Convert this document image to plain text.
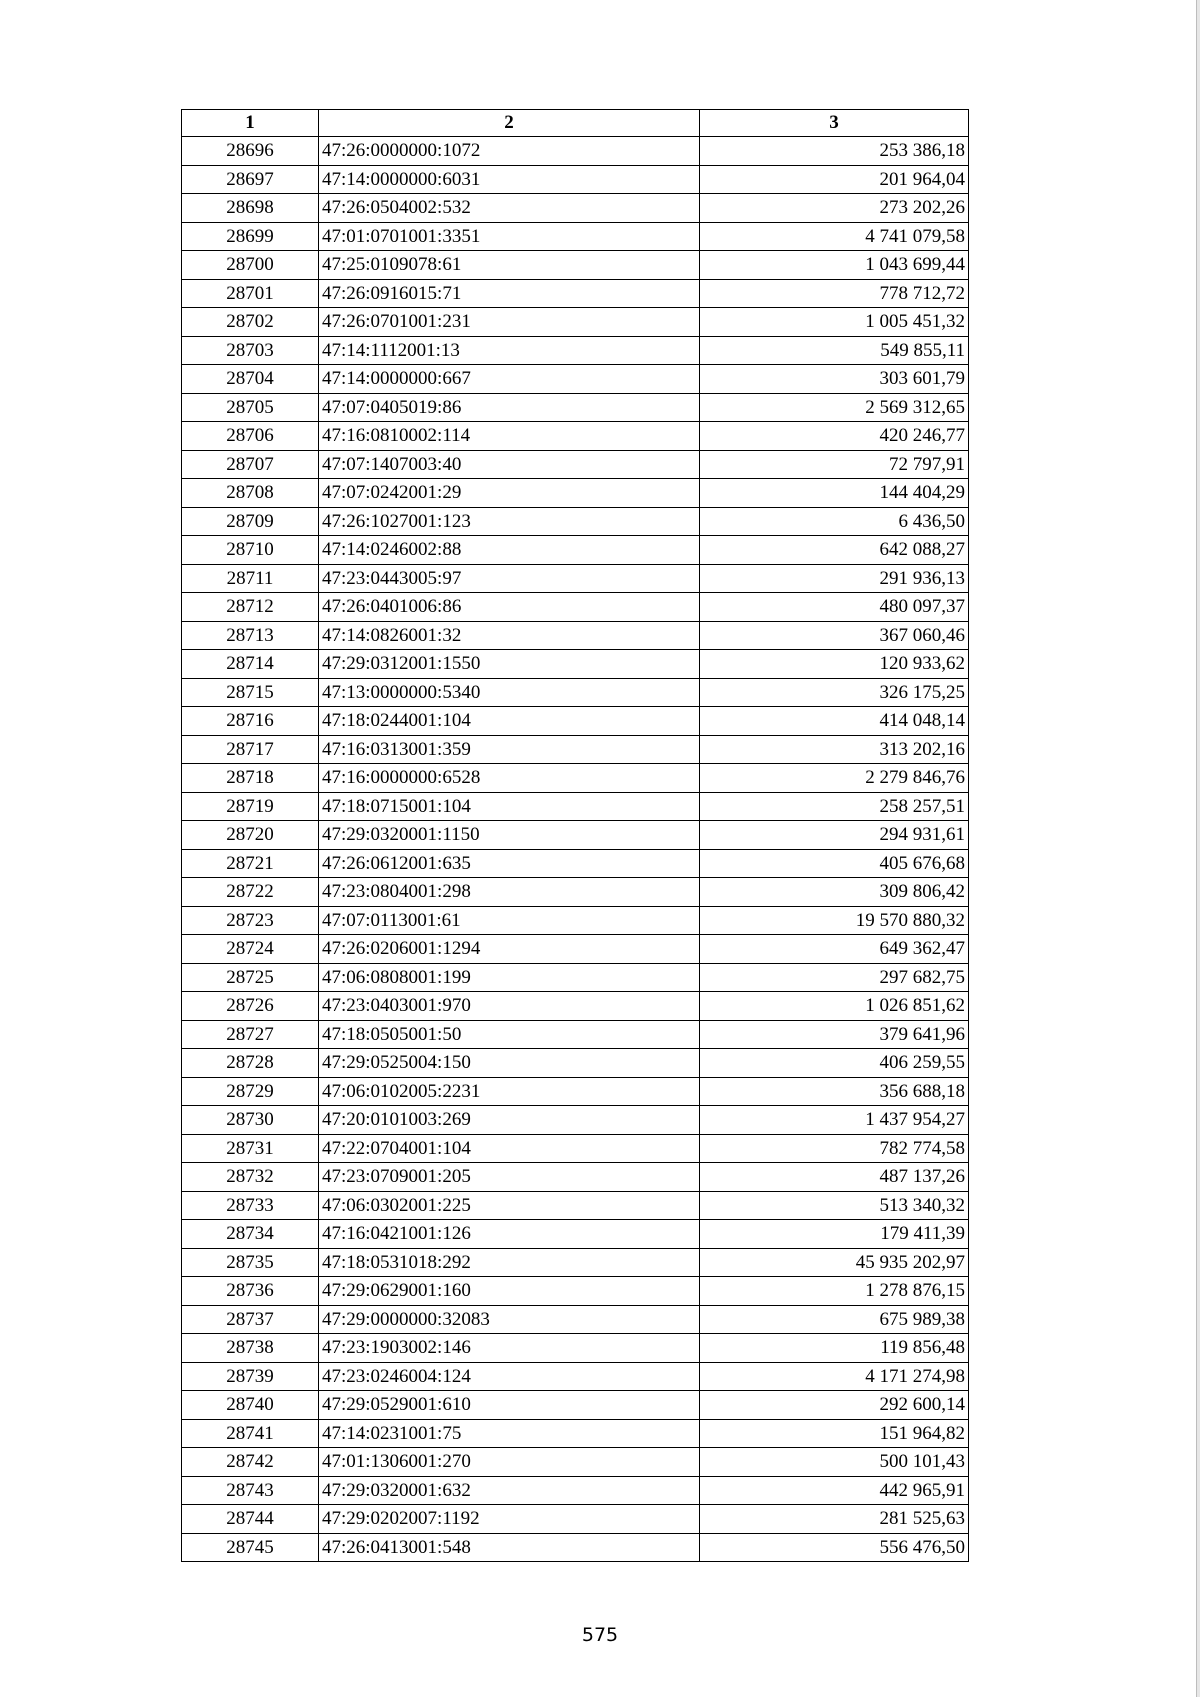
1	2	3
28696	47:26:0000000:1072	253 386,18
28697	47:14:0000000:6031	201 964,04
28698	47:26:0504002:532	273 202,26
28699	47:01:0701001:3351	4 741 079,58
28700	47:25:0109078:61	1 043 699,44
28701	47:26:0916015:71	778 712,72
28702	47:26:0701001:231	1 005 451,32
28703	47:14:1112001:13	549 855,11
28704	47:14:0000000:667	303 601,79
28705	47:07:0405019:86	2 569 312,65
28706	47:16:0810002:114	420 246,77
28707	47:07:1407003:40	72 797,91
28708	47:07:0242001:29	144 404,29
28709	47:26:1027001:123	6 436,50
28710	47:14:0246002:88	642 088,27
28711	47:23:0443005:97	291 936,13
28712	47:26:0401006:86	480 097,37
28713	47:14:0826001:32	367 060,46
28714	47:29:0312001:1550	120 933,62
28715	47:13:0000000:5340	326 175,25
28716	47:18:0244001:104	414 048,14
28717	47:16:0313001:359	313 202,16
28718	47:16:0000000:6528	2 279 846,76
28719	47:18:0715001:104	258 257,51
28720	47:29:0320001:1150	294 931,61
28721	47:26:0612001:635	405 676,68
28722	47:23:0804001:298	309 806,42
28723	47:07:0113001:61	19 570 880,32
28724	47:26:0206001:1294	649 362,47
28725	47:06:0808001:199	297 682,75
28726	47:23:0403001:970	1 026 851,62
28727	47:18:0505001:50	379 641,96
28728	47:29:0525004:150	406 259,55
28729	47:06:0102005:2231	356 688,18
28730	47:20:0101003:269	1 437 954,27
28731	47:22:0704001:104	782 774,58
28732	47:23:0709001:205	487 137,26
28733	47:06:0302001:225	513 340,32
28734	47:16:0421001:126	179 411,39
28735	47:18:0531018:292	45 935 202,97
28736	47:29:0629001:160	1 278 876,15
28737	47:29:0000000:32083	675 989,38
28738	47:23:1903002:146	119 856,48
28739	47:23:0246004:124	4 171 274,98
28740	47:29:0529001:610	292 600,14
28741	47:14:0231001:75	151 964,82
28742	47:01:1306001:270	500 101,43
28743	47:29:0320001:632	442 965,91
28744	47:29:0202007:1192	281 525,63
28745	47:26:0413001:548	556 476,50
575
